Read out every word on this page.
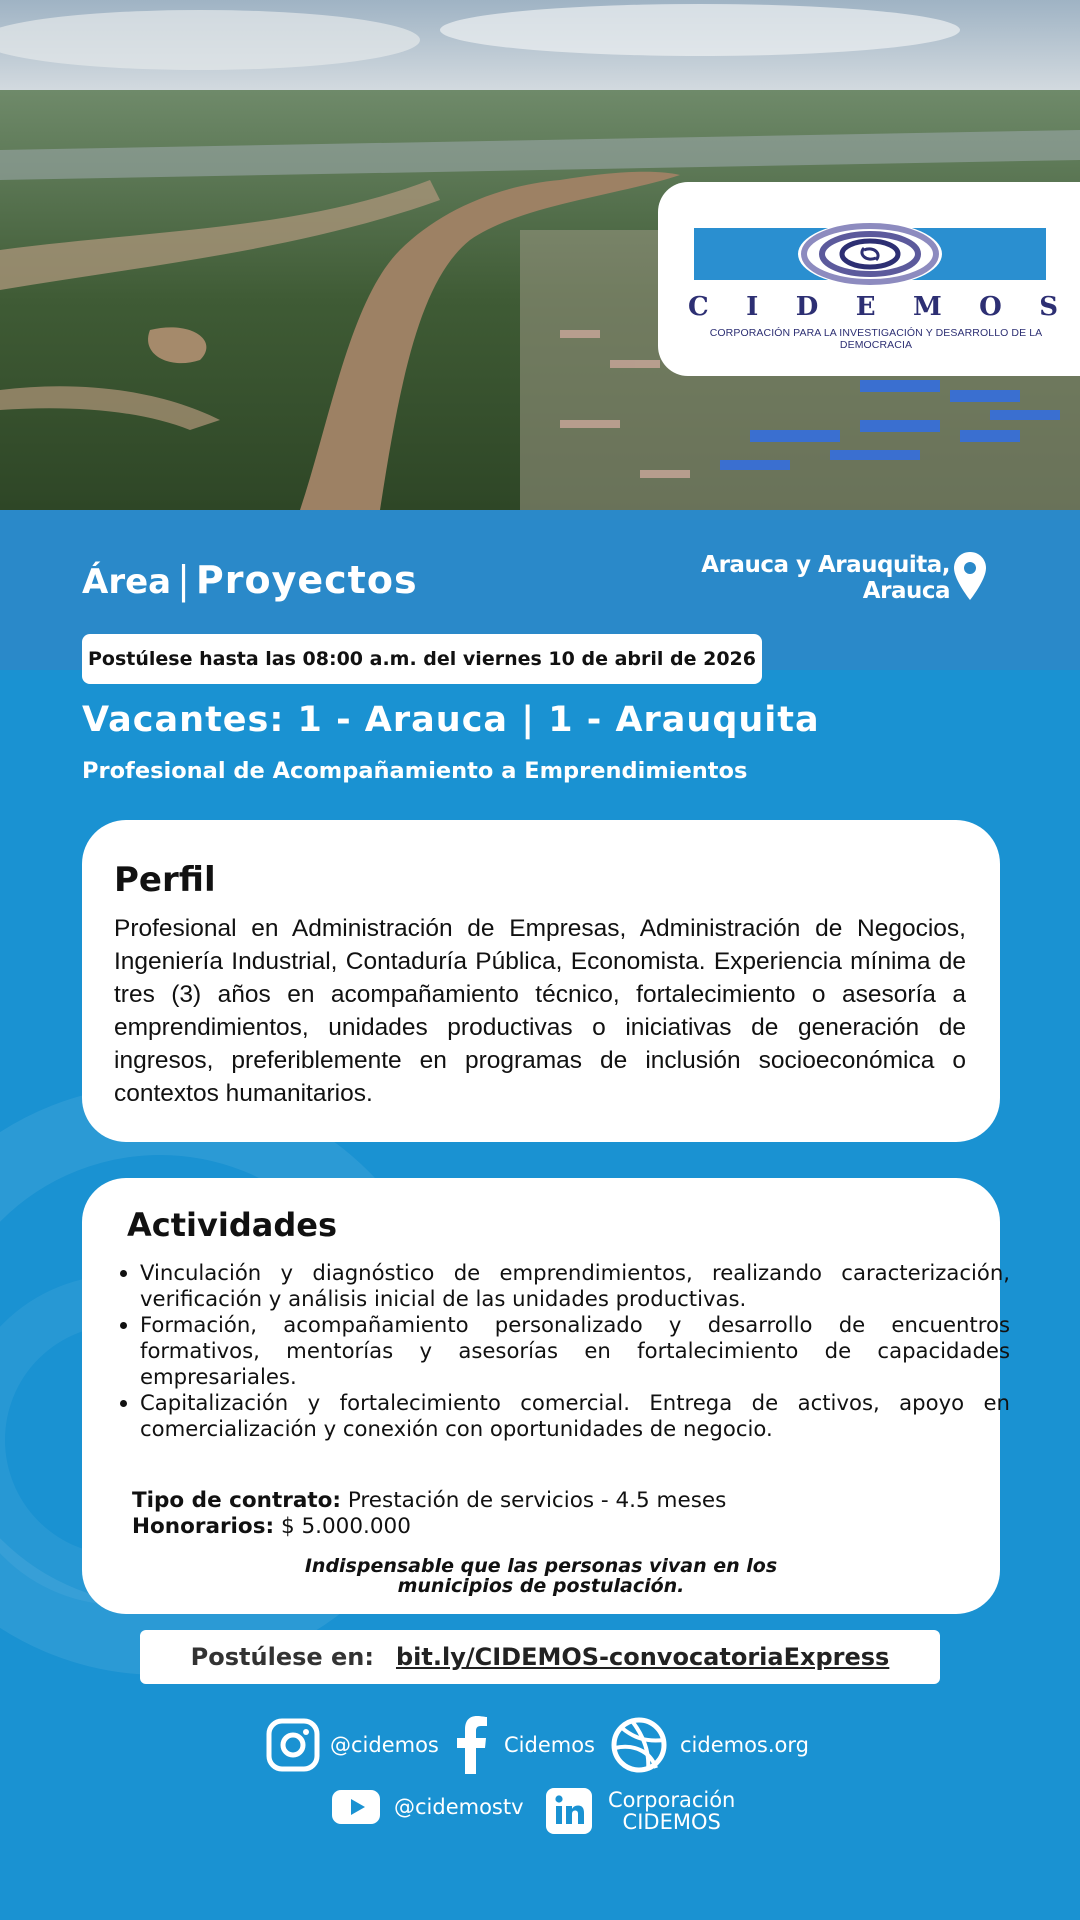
C I D E M O S
CORPORACIÓN PARA LA INVESTIGACIÓN Y DESARROLLO DE LA DEMOCRACIA
Área | Proyectos	Arauca y Arauquita,
Arauca
Postúlese hasta las 08:00 a.m. del viernes 10 de abril de 2026
Vacantes: 1 - Arauca | 1 - Arauquita
Profesional de Acompañamiento a Emprendimientos
Perfil
Profesional en Administración de Empresas, Administración de Negocios, Ingeniería Industrial, Contaduría Pública, Economista. Experiencia mínima de tres (3) años en acompañamiento técnico, fortalecimiento o asesoría a emprendimientos, unidades productivas o iniciativas de generación de ingresos, preferiblemente en programas de inclusión socioeconómica o contextos humanitarios.
Actividades
• Vinculación y diagnóstico de emprendimientos, realizando caracterización, verificación y análisis inicial de las unidades productivas.
• Formación, acompañamiento personalizado y desarrollo de encuentros formativos, mentorías y asesorías en fortalecimiento de capacidades empresariales.
• Capitalización y fortalecimiento comercial. Entrega de activos, apoyo en comercialización y conexión con oportunidades de negocio.
Tipo de contrato: Prestación de servicios - 4.5 meses
Honorarios: $ 5.000.000
Indispensable que las personas vivan en los
municipios de postulación.
Postúlese en: bit.ly/CIDEMOS-convocatoriaExpress
@cidemos	Cidemos	cidemos.org
@cidemostv	Corporación
CIDEMOS
